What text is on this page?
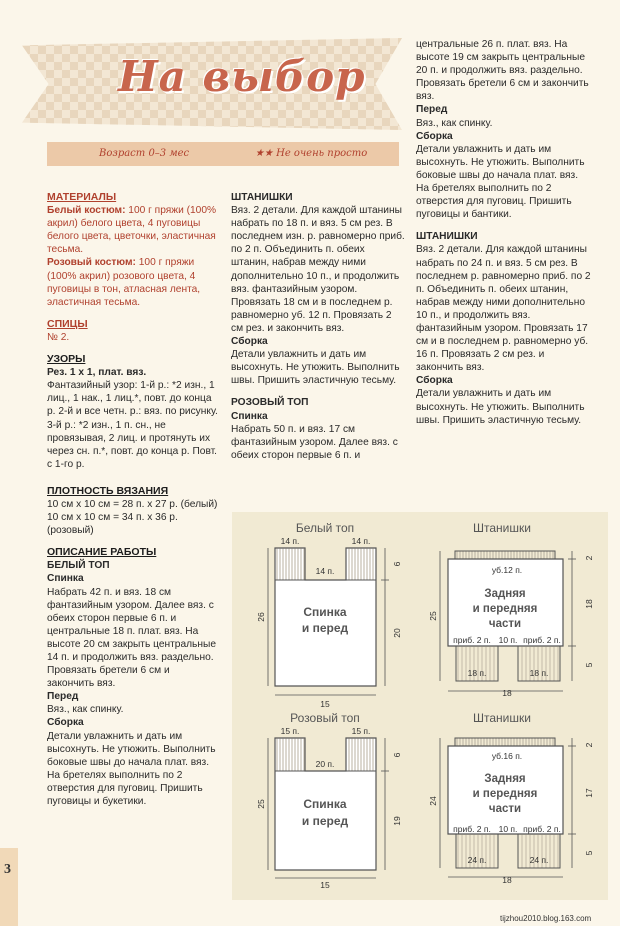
На выбор
Возраст 0–3 мес	★★ Не очень просто

МАТЕРИАЛЫ

Белый костюм: 100 г пряжи (100% акрил) белого цвета, 4 пуговицы белого цвета, цветочки, эластичная тесьма.

Розовый костюм: 100 г пряжи (100% акрил) розового цвета, 4 пуговицы в тон, атласная лента, эластичная тесьма.

СПИЦЫ

№ 2.

УЗОРЫ

Рез. 1 х 1, плат. вяз.

Фантазийный узор: 1-й р.: *2 изн., 1 лиц., 1 нак., 1 лиц.*, повт. до конца р. 2-й и все четн. р.: вяз. по рисунку. 3-й р.: *2 изн., 1 п. сн., не провязывая, 2 лиц. и протянуть их через сн. п.*, повт. до конца р. Повт. с 1-го р.

ПЛОТНОСТЬ ВЯЗАНИЯ

10 см х 10 см = 28 п. х 27 р. (белый)

10 см х 10 см = 34 п. х 36 р. (розовый)

ОПИСАНИЕ РАБОТЫ

БЕЛЫЙ ТОП

Спинка

Набрать 42 п. и вяз. 18 см фантазийным узором. Далее вяз. с обеих сторон первые 6 п. и центральные 18 п. плат. вяз. На высоте 20 см закрыть центральные 14 п. и продолжить вяз. раздельно. Провязать бретели 6 см и закончить вяз.

Перед

Вяз., как спинку.

Сборка

Детали увлажнить и дать им высохнуть. Не утюжить. Выполнить боковые швы до начала плат. вяз. На бретелях выполнить по 2 отверстия для пуговиц. Пришить пуговицы и букетики.

ШТАНИШКИ

Вяз. 2 детали. Для каждой штанины набрать по 18 п. и вяз. 5 см рез. В последнем изн. р. равномерно приб. по 2 п. Объединить п. обеих штанин, набрав между ними дополнительно 10 п., и продолжить вяз. фантазийным узором. Провязать 18 см и в последнем р. равномерно уб. 12 п. Провязать 2 см рез. и закончить вяз.

Сборка

Детали увлажнить и дать им высохнуть. Не утюжить. Выполнить швы. Пришить эластичную тесьму.

РОЗОВЫЙ ТОП

Спинка

Набрать 50 п. и вяз. 17 см фантазийным узором. Далее вяз. с обеих сторон первые 6 п. и

центральные 26 п. плат. вяз. На высоте 19 см закрыть центральные 20 п. и продолжить вяз. раздельно. Провязать бретели 6 см и закончить вяз.

Перед

Вяз., как спинку.

Сборка

Детали увлажнить и дать им высохнуть. Не утюжить. Выполнить боковые швы до начала плат. вяз. На бретелях выполнить по 2 отверстия для пуговиц. Пришить пуговицы и бантики.

ШТАНИШКИ

Вяз. 2 детали. Для каждой штанины набрать по 24 п. и вяз. 5 см рез. В последнем р. равномерно приб. по 2 п. Объединить п. обеих штанин, набрав между ними дополнительно 10 п., и продолжить вяз. фантазийным узором. Провязать 17 см и в последнем р. равномерно уб. 16 п. Провязать 2 см рез. и закончить вяз.

Сборка

Детали увлажнить и дать им высохнуть. Не утюжить. Выполнить швы. Пришить эластичную тесьму.

Белый топ
14 п.	14 п.
14 п.
Спинка
и перед
26
6
20
15
Штанишки
уб.12 п.
Задняя
и передняя
части
приб. 2 п. 10 п. приб. 2 п.
18 п.	18 п.
25
2
18
5
18
Розовый топ
15 п.	15 п.
20 п.
Спинка
и перед
25
6
19
15
Штанишки
уб.16 п.
Задняя
и передняя
части
приб. 2 п. 10 п. приб. 2 п.
24 п.	24 п.
24
2
17
5
18
3
tijzhou2010.blog.163.com
